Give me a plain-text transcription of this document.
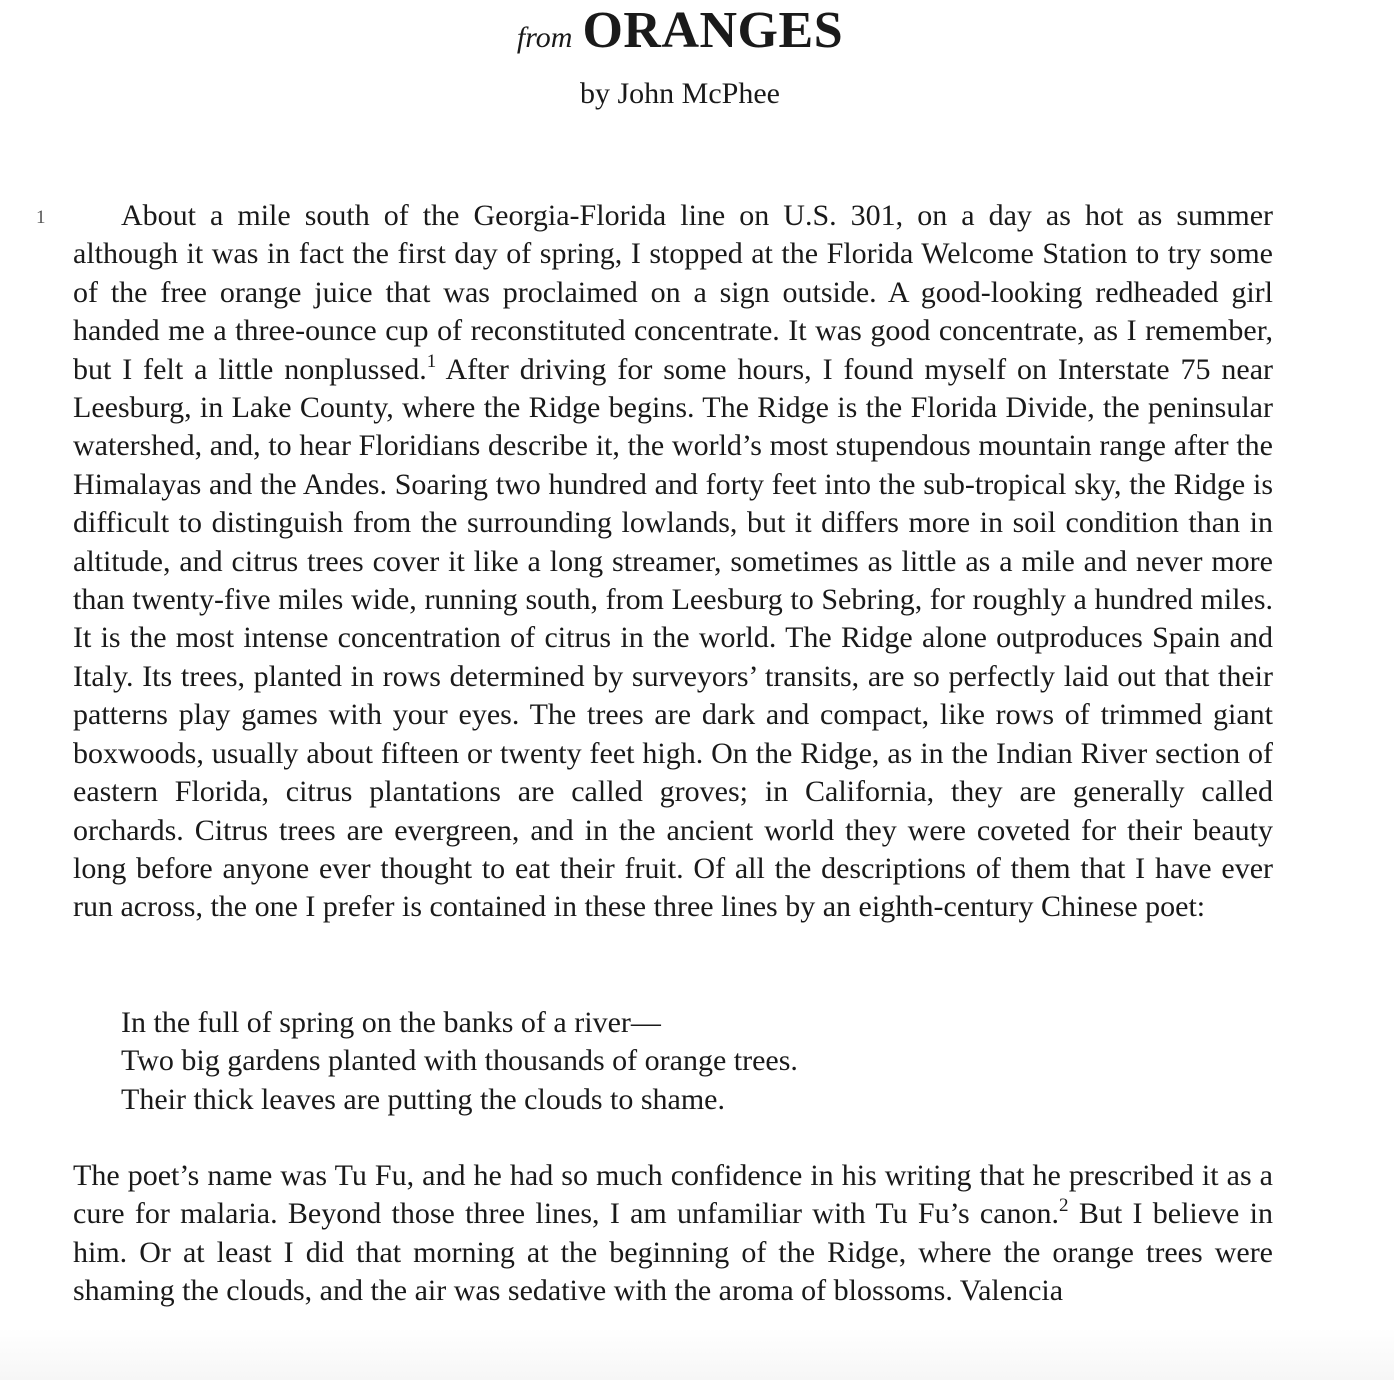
from ORANGES
by John McPhee
1	About a mile south of the Georgia-Florida line on U.S. 301, on a day as hot as summer although it was in fact the first day of spring, I stopped at the Florida Welcome Station to try some of the free orange juice that was proclaimed on a sign outside. A good-looking redheaded girl handed me a three-ounce cup of reconstituted concentrate. It was good concentrate, as I remember, but I felt a little nonplussed.$^1$ After driving for some hours, I found myself on Interstate 75 near Leesburg, in Lake County, where the Ridge begins. The Ridge is the Florida Divide, the peninsular watershed, and, to hear Floridians describe it, the world’s most stupendous mountain range after the Himalayas and the Andes. Soaring two hundred and forty feet into the sub-tropical sky, the Ridge is difficult to distinguish from the surrounding lowlands, but it differs more in soil condition than in altitude, and citrus trees cover it like a long streamer, sometimes as little as a mile and never more than twenty-five miles wide, running south, from Leesburg to Sebring, for roughly a hundred miles. It is the most intense concentration of citrus in the world. The Ridge alone outproduces Spain and Italy. Its trees, planted in rows determined by surveyors’ transits, are so perfectly laid out that their patterns play games with your eyes. The trees are dark and compact, like rows of trimmed giant boxwoods, usually about fifteen or twenty feet high. On the Ridge, as in the Indian River section of eastern Florida, citrus plantations are called groves; in California, they are generally called orchards. Citrus trees are evergreen, and in the ancient world they were coveted for their beauty long before anyone ever thought to eat their fruit. Of all the descriptions of them that I have ever run across, the one I prefer is contained in these three lines by an eighth-century Chinese poet:

In the full of spring on the banks of a river—
Two big gardens planted with thousands of orange trees.
Their thick leaves are putting the clouds to shame.

The poet’s name was Tu Fu, and he had so much confidence in his writing that he prescribed it as a cure for malaria. Beyond those three lines, I am unfamiliar with Tu Fu’s canon.$^2$ But I believe in him. Or at least I did that morning at the beginning of the Ridge, where the orange trees were shaming the clouds, and the air was sedative with the aroma of blossoms. Valencia
